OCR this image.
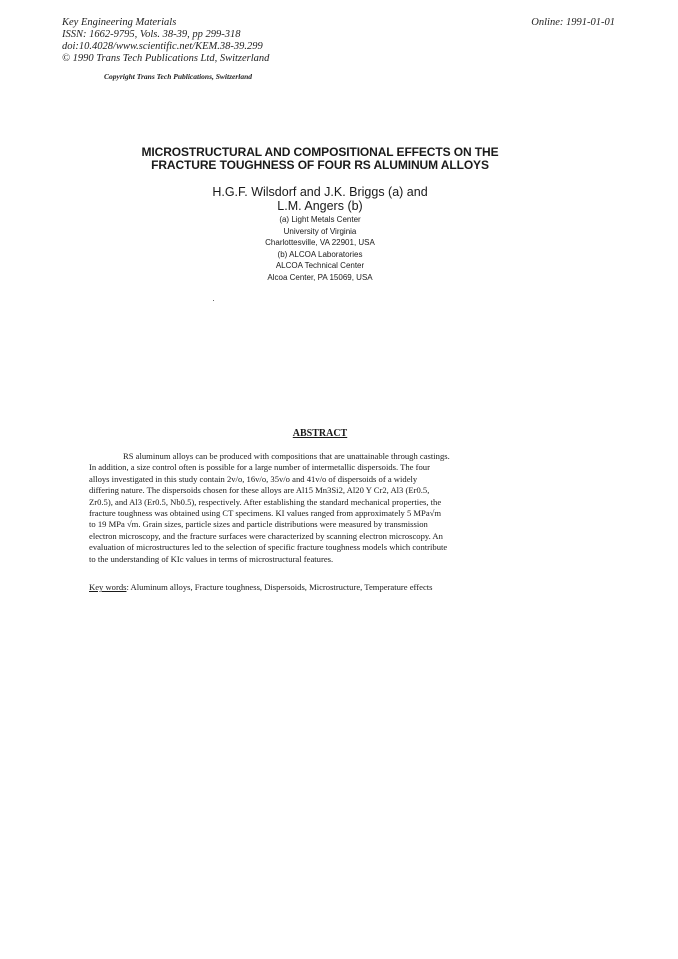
Key Engineering Materials
ISSN: 1662-9795, Vols. 38-39, pp 299-318
doi:10.4028/www.scientific.net/KEM.38-39.299
© 1990 Trans Tech Publications Ltd, Switzerland
Online: 1991-01-01
Copyright Trans Tech Publications, Switzerland
MICROSTRUCTURAL AND COMPOSITIONAL EFFECTS ON THE
FRACTURE TOUGHNESS OF FOUR RS ALUMINUM ALLOYS
H.G.F. Wilsdorf and J.K. Briggs (a) and
L.M. Angers (b)
(a) Light Metals Center
University of Virginia
Charlottesville, VA 22901, USA
(b) ALCOA Laboratories
ALCOA Technical Center
Alcoa Center, PA 15069, USA
ABSTRACT
RS aluminum alloys can be produced with compositions that are unattainable through castings.
In addition, a size control often is possible for a large number of intermetallic dispersoids. The four
alloys investigated in this study contain 2v/o, 16v/o, 35v/o and 41v/o of dispersoids of a widely
differing nature. The dispersoids chosen for these alloys are Al15 Mn3Si2, Al20 Y Cr2, Al3 (Er0.5,
Zr0.5), and Al3 (Er0.5, Nb0.5), respectively. After establishing the standard mechanical properties, the
fracture toughness was obtained using CT specimens. KI values ranged from approximately 5 MPa√m
to 19 MPa √m. Grain sizes, particle sizes and particle distributions were measured by transmission
electron microscopy, and the fracture surfaces were characterized by scanning electron microscopy. An
evaluation of microstructures led to the selection of specific fracture toughness models which contribute
to the understanding of KIc values in terms of microstructural features.
Key words: Aluminum alloys, Fracture toughness, Dispersoids, Microstructure, Temperature effects
